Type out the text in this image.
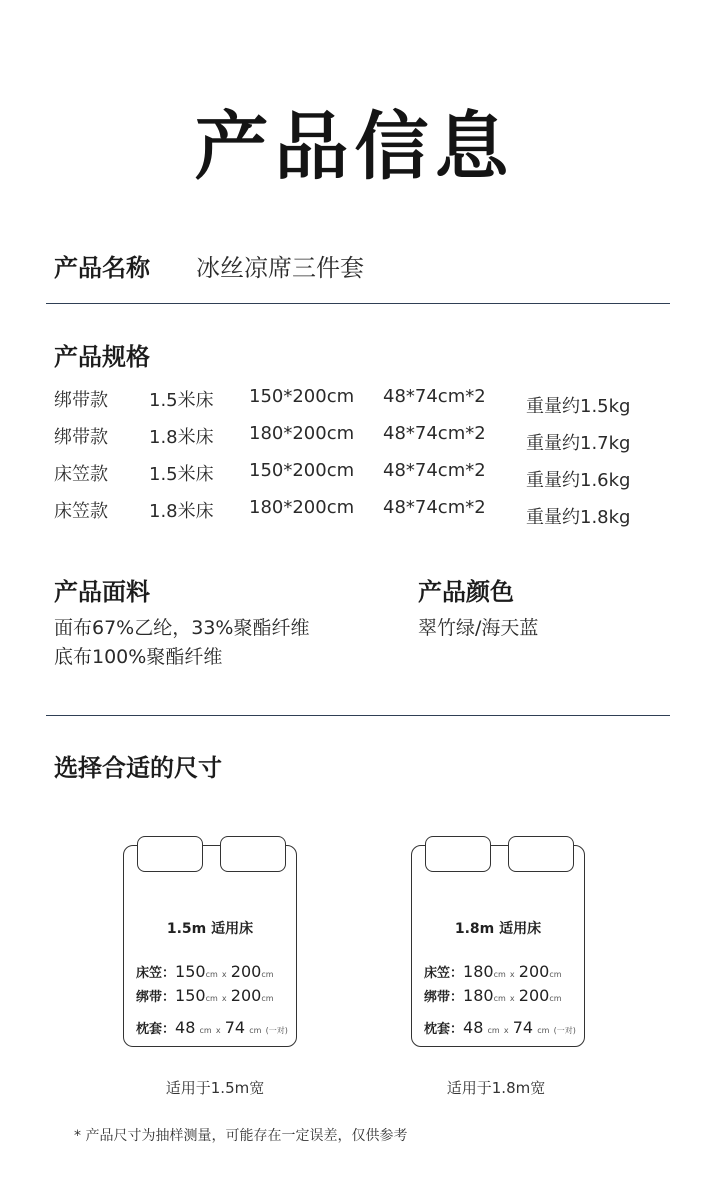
产品信息
产品名称 冰丝凉席三件套
产品规格
绑带款 1.5米床 150*200cm 48*74cm*2 重量约1.5kg
绑带款 1.8米床 180*200cm 48*74cm*2 重量约1.7kg
床笠款 1.5米床 150*200cm 48*74cm*2 重量约1.6kg
床笠款 1.8米床 180*200cm 48*74cm*2 重量约1.8kg
产品面料
面布67%乙纶，33%聚酯纤维
底布100%聚酯纤维
产品颜色
翠竹绿/海天蓝
选择合适的尺寸
1.5m 适用床
床笠：150cm x 200cm
绑带：150cm x 200cm
枕套：48 cm x 74 cm (一对)
适用于1.5m宽
1.8m 适用床
床笠：180cm x 200cm
绑带：180cm x 200cm
枕套：48 cm x 74 cm (一对)
适用于1.8m宽
* 产品尺寸为抽样测量，可能存在一定误差，仅供参考
